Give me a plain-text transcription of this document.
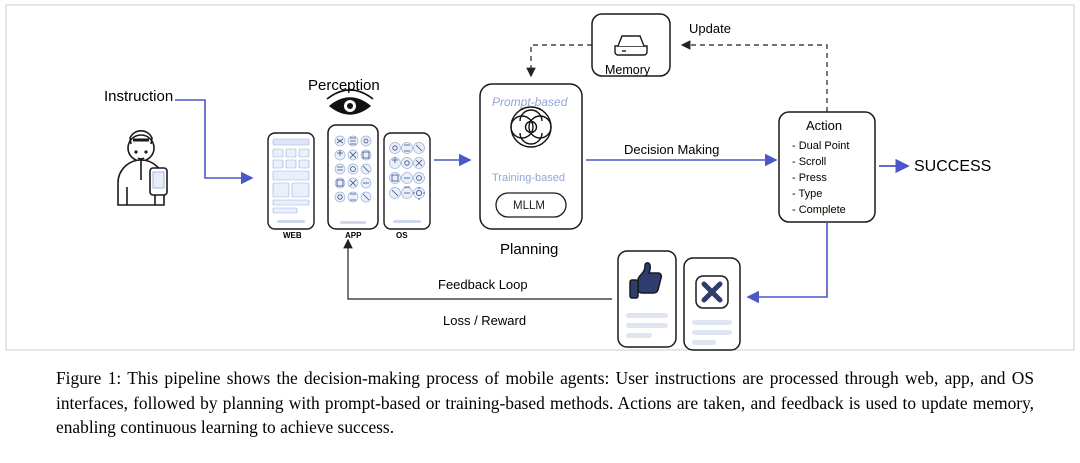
Instruction
Perception
Planning
Update
Memory
Decision Making
Feedback Loop
Loss / Reward
SUCCESS
WEB	APP	OS
Prompt-based
Training-based
MLLM
Action
- Dual Point
- Scroll
- Press
- Type
- Complete
Figure 1: This pipeline shows the decision-making process of mobile agents: User instructions are processed through web, app, and OS interfaces, followed by planning with prompt-based or training-based methods. Actions are taken, and feedback is used to update memory, enabling continuous learning to achieve success.
